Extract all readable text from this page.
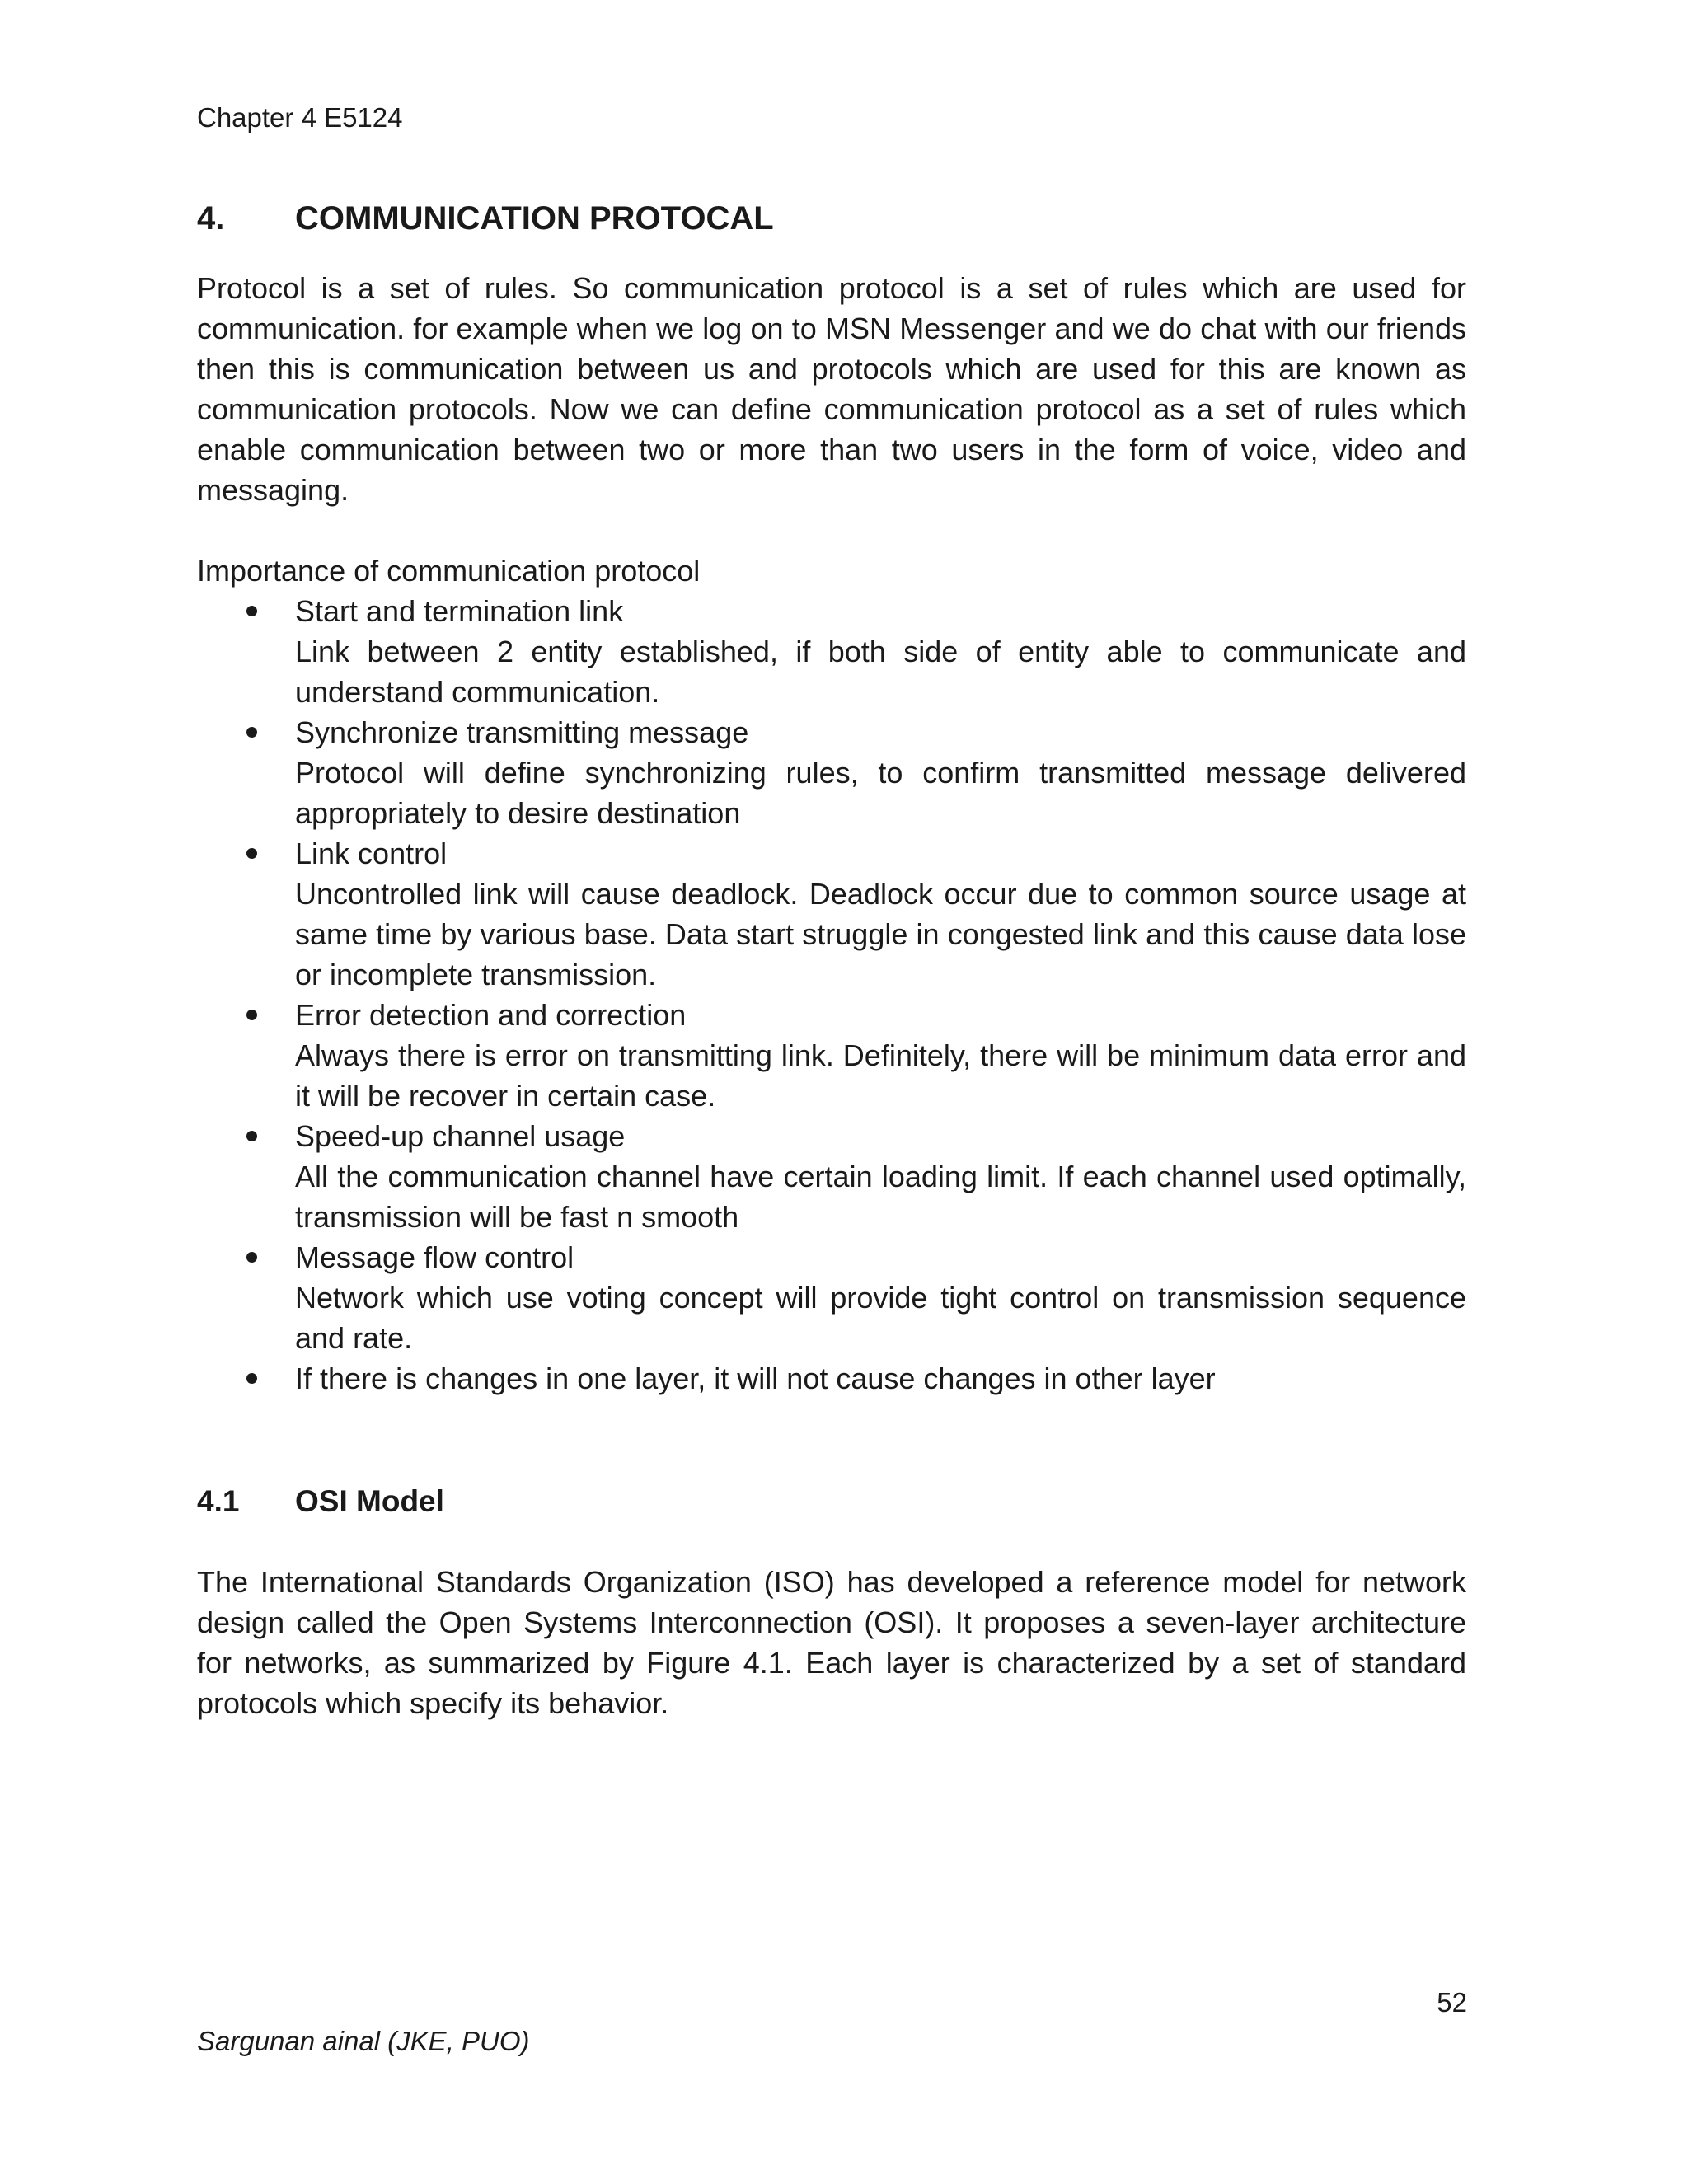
Chapter 4 E5124
4.	COMMUNICATION PROTOCAL

Protocol is a set of rules. So communication protocol is a set of rules which are used for communication. for example when we log on to MSN Messenger and we do chat with our friends then this is communication between us and protocols which are used for this are known as communication protocols. Now we can define communication protocol as a set of rules which enable communication between two or more than two users in the form of voice, video and messaging.

Importance of communication protocol

Start and termination link
Link between 2 entity established, if both side of entity able to communicate and understand communication.
Synchronize transmitting message
Protocol will define synchronizing rules, to confirm transmitted message delivered appropriately to desire destination
Link control
Uncontrolled link will cause deadlock. Deadlock occur due to common source usage at same time by various base. Data start struggle in congested link and this cause data lose or incomplete transmission.
Error detection and correction
Always there is error on transmitting link. Definitely, there will be minimum data error and it will be recover in certain case.
Speed-up channel usage
All the communication channel have certain loading limit. If each channel used optimally, transmission will be fast n smooth
Message flow control
Network which use voting concept will provide tight control on transmission sequence and rate.
If there is changes in one layer, it will not cause changes in other layer
4.1	OSI Model

The International Standards Organization (ISO) has developed a reference model for network design called the Open Systems Interconnection (OSI). It proposes a seven-layer architecture for networks, as summarized by Figure 4.1. Each layer is characterized by a set of standard protocols which specify its behavior.

52
Sargunan ainal (JKE, PUO)
